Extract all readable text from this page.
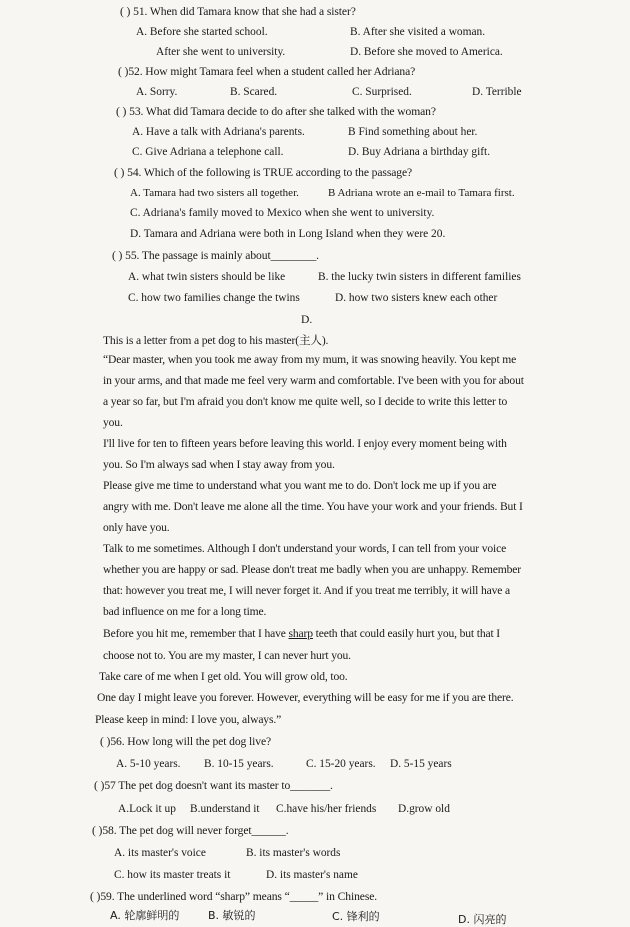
( ) 51. When did Tamara know that she had a sister?
A. Before she started school.	B. After she visited a woman.
After she went to university.	D. Before she moved to America.
( )52. How might Tamara feel when a student called her Adriana?
A. Sorry.	B. Scared.	C. Surprised.	D. Terrible
( ) 53. What did Tamara decide to do after she talked with the woman?
A. Have a talk with Adriana's parents.	B Find something about her.
C. Give Adriana a telephone call.	D. Buy Adriana a birthday gift.
( ) 54. Which of the following is TRUE according to the passage?
A. Tamara had two sisters all together.	B Adriana wrote an e-mail to Tamara first.
C. Adriana's family moved to Mexico when she went to university.
D. Tamara and Adriana were both in Long Island when they were 20.
( ) 55. The passage is mainly about________.
A. what twin sisters should be like	B. the lucky twin sisters in different families
C. how two families change the twins	D. how two sisters knew each other
D.
This is a letter from a pet dog to his master(主人).
“Dear master, when you took me away from my mum, it was snowing heavily. You kept me
in your arms, and that made me feel very warm and comfortable. I've been with you for about
a year so far, but I'm afraid you don't know me quite well, so I decide to write this letter to
you.
I'll live for ten to fifteen years before leaving this world. I enjoy every moment being with
you. So I'm always sad when I stay away from you.
Please give me time to understand what you want me to do. Don't lock me up if you are
angry with me. Don't leave me alone all the time. You have your work and your friends. But I
only have you.
Talk to me sometimes. Although I don't understand your words, I can tell from your voice
whether you are happy or sad. Please don't treat me badly when you are unhappy. Remember
that: however you treat me, I will never forget it. And if you treat me terribly, it will have a
bad influence on me for a long time.
Before you hit me, remember that I have sharp teeth that could easily hurt you, but that I
choose not to. You are my master, I can never hurt you.
Take care of me when I get old. You will grow old, too.
One day I might leave you forever. However, everything will be easy for me if you are there.
Please keep in mind: I love you, always.”
( )56. How long will the pet dog live?
A. 5-10 years. B. 10-15 years.	C. 15-20 years. D. 5-15 years
( )57 The pet dog doesn't want its master to_______.
A.Lock it up B.understand it C.have his/her friends D.grow old
( )58. The pet dog will never forget______.
A. its master's voice	B. its master's words
C. how its master treats it	D. its master's name
( )59. The underlined word “sharp” means “_____” in Chinese.
A. 轮廓鲜明的	B. 敏锐的	C. 锋利的	D. 闪亮的
